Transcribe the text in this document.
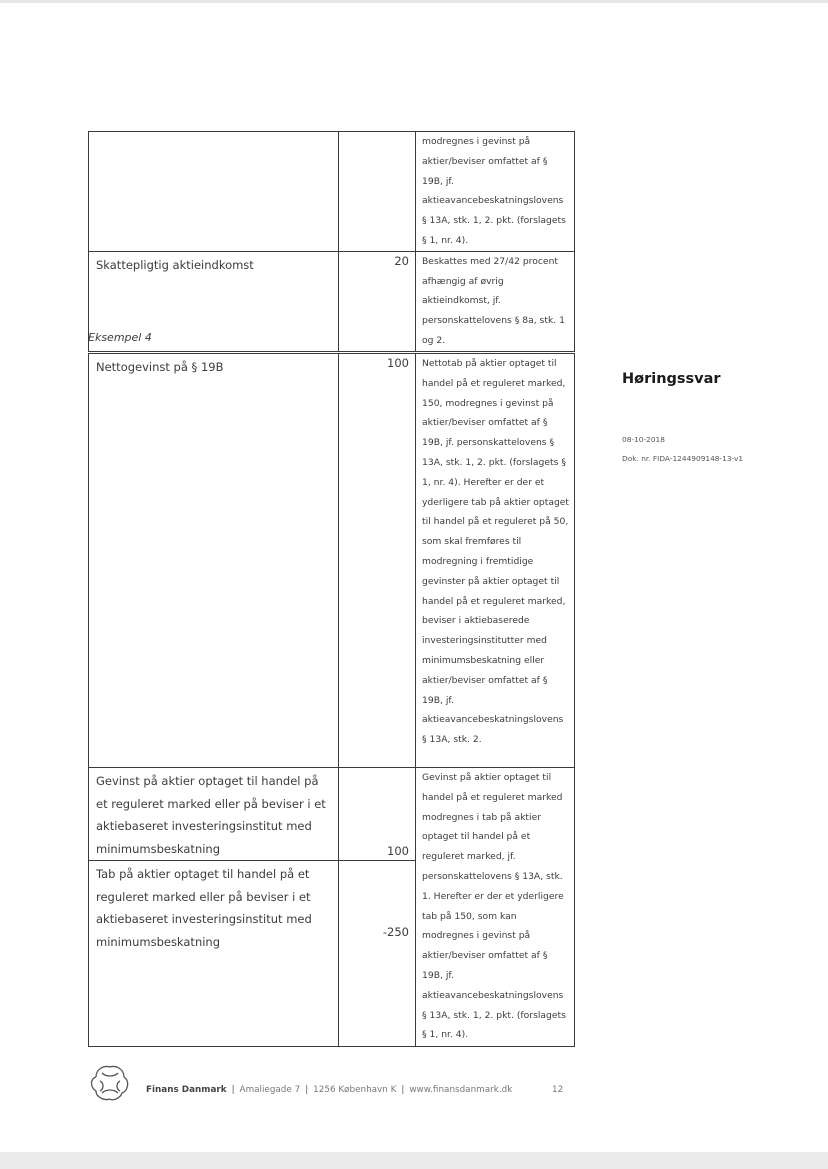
		modregnes i gevinst på aktier/beviser omfattet af § 19B, jf. aktieavancebeskatningslovens § 13A, stk. 1, 2. pkt. (forslagets § 1, nr. 4).
Skattepligtig aktieindkomst	20	Beskattes med 27/42 procent afhængig af øvrig aktieindkomst, jf. personskattelovens § 8a, stk. 1 og 2.
Eksempel 4
Nettogevinst på § 19B	100	Nettotab på aktier optaget til handel på et reguleret marked, 150, modregnes i gevinst på aktier/beviser omfattet af § 19B, jf. personskattelovens § 13A, stk. 1, 2. pkt. (forslagets § 1, nr. 4). Herefter er der et yderligere tab på aktier optaget til handel på et reguleret på 50, som skal fremføres til modregning i fremtidige gevinster på aktier optaget til handel på et reguleret marked, beviser i aktiebaserede investeringsinstitutter med minimumsbeskatning eller aktier/beviser omfattet af § 19B, jf. aktieavancebeskatningslovens § 13A, stk. 2.
Gevinst på aktier optaget til handel på et reguleret marked eller på beviser i et aktiebaseret investeringsinstitut med minimumsbeskatning	100	Gevinst på aktier optaget til handel på et reguleret marked modregnes i tab på aktier optaget til handel på et reguleret marked, jf. personskattelovens § 13A, stk. 1. Herefter er der et yderligere tab på 150, som kan modregnes i gevinst på aktier/beviser omfattet af § 19B, jf. aktieavancebeskatningslovens § 13A, stk. 1, 2. pkt. (forslagets § 1, nr. 4).
Tab på aktier optaget til handel på et reguleret marked eller på beviser i et aktiebaseret investeringsinstitut med minimumsbeskatning	-250	
Høringssvar
08-10-2018
Dok. nr. FIDA-1244909148-13-v1
Finans Danmark | Amaliegade 7 | 1256 København K | www.finansdanmark.dk	12
